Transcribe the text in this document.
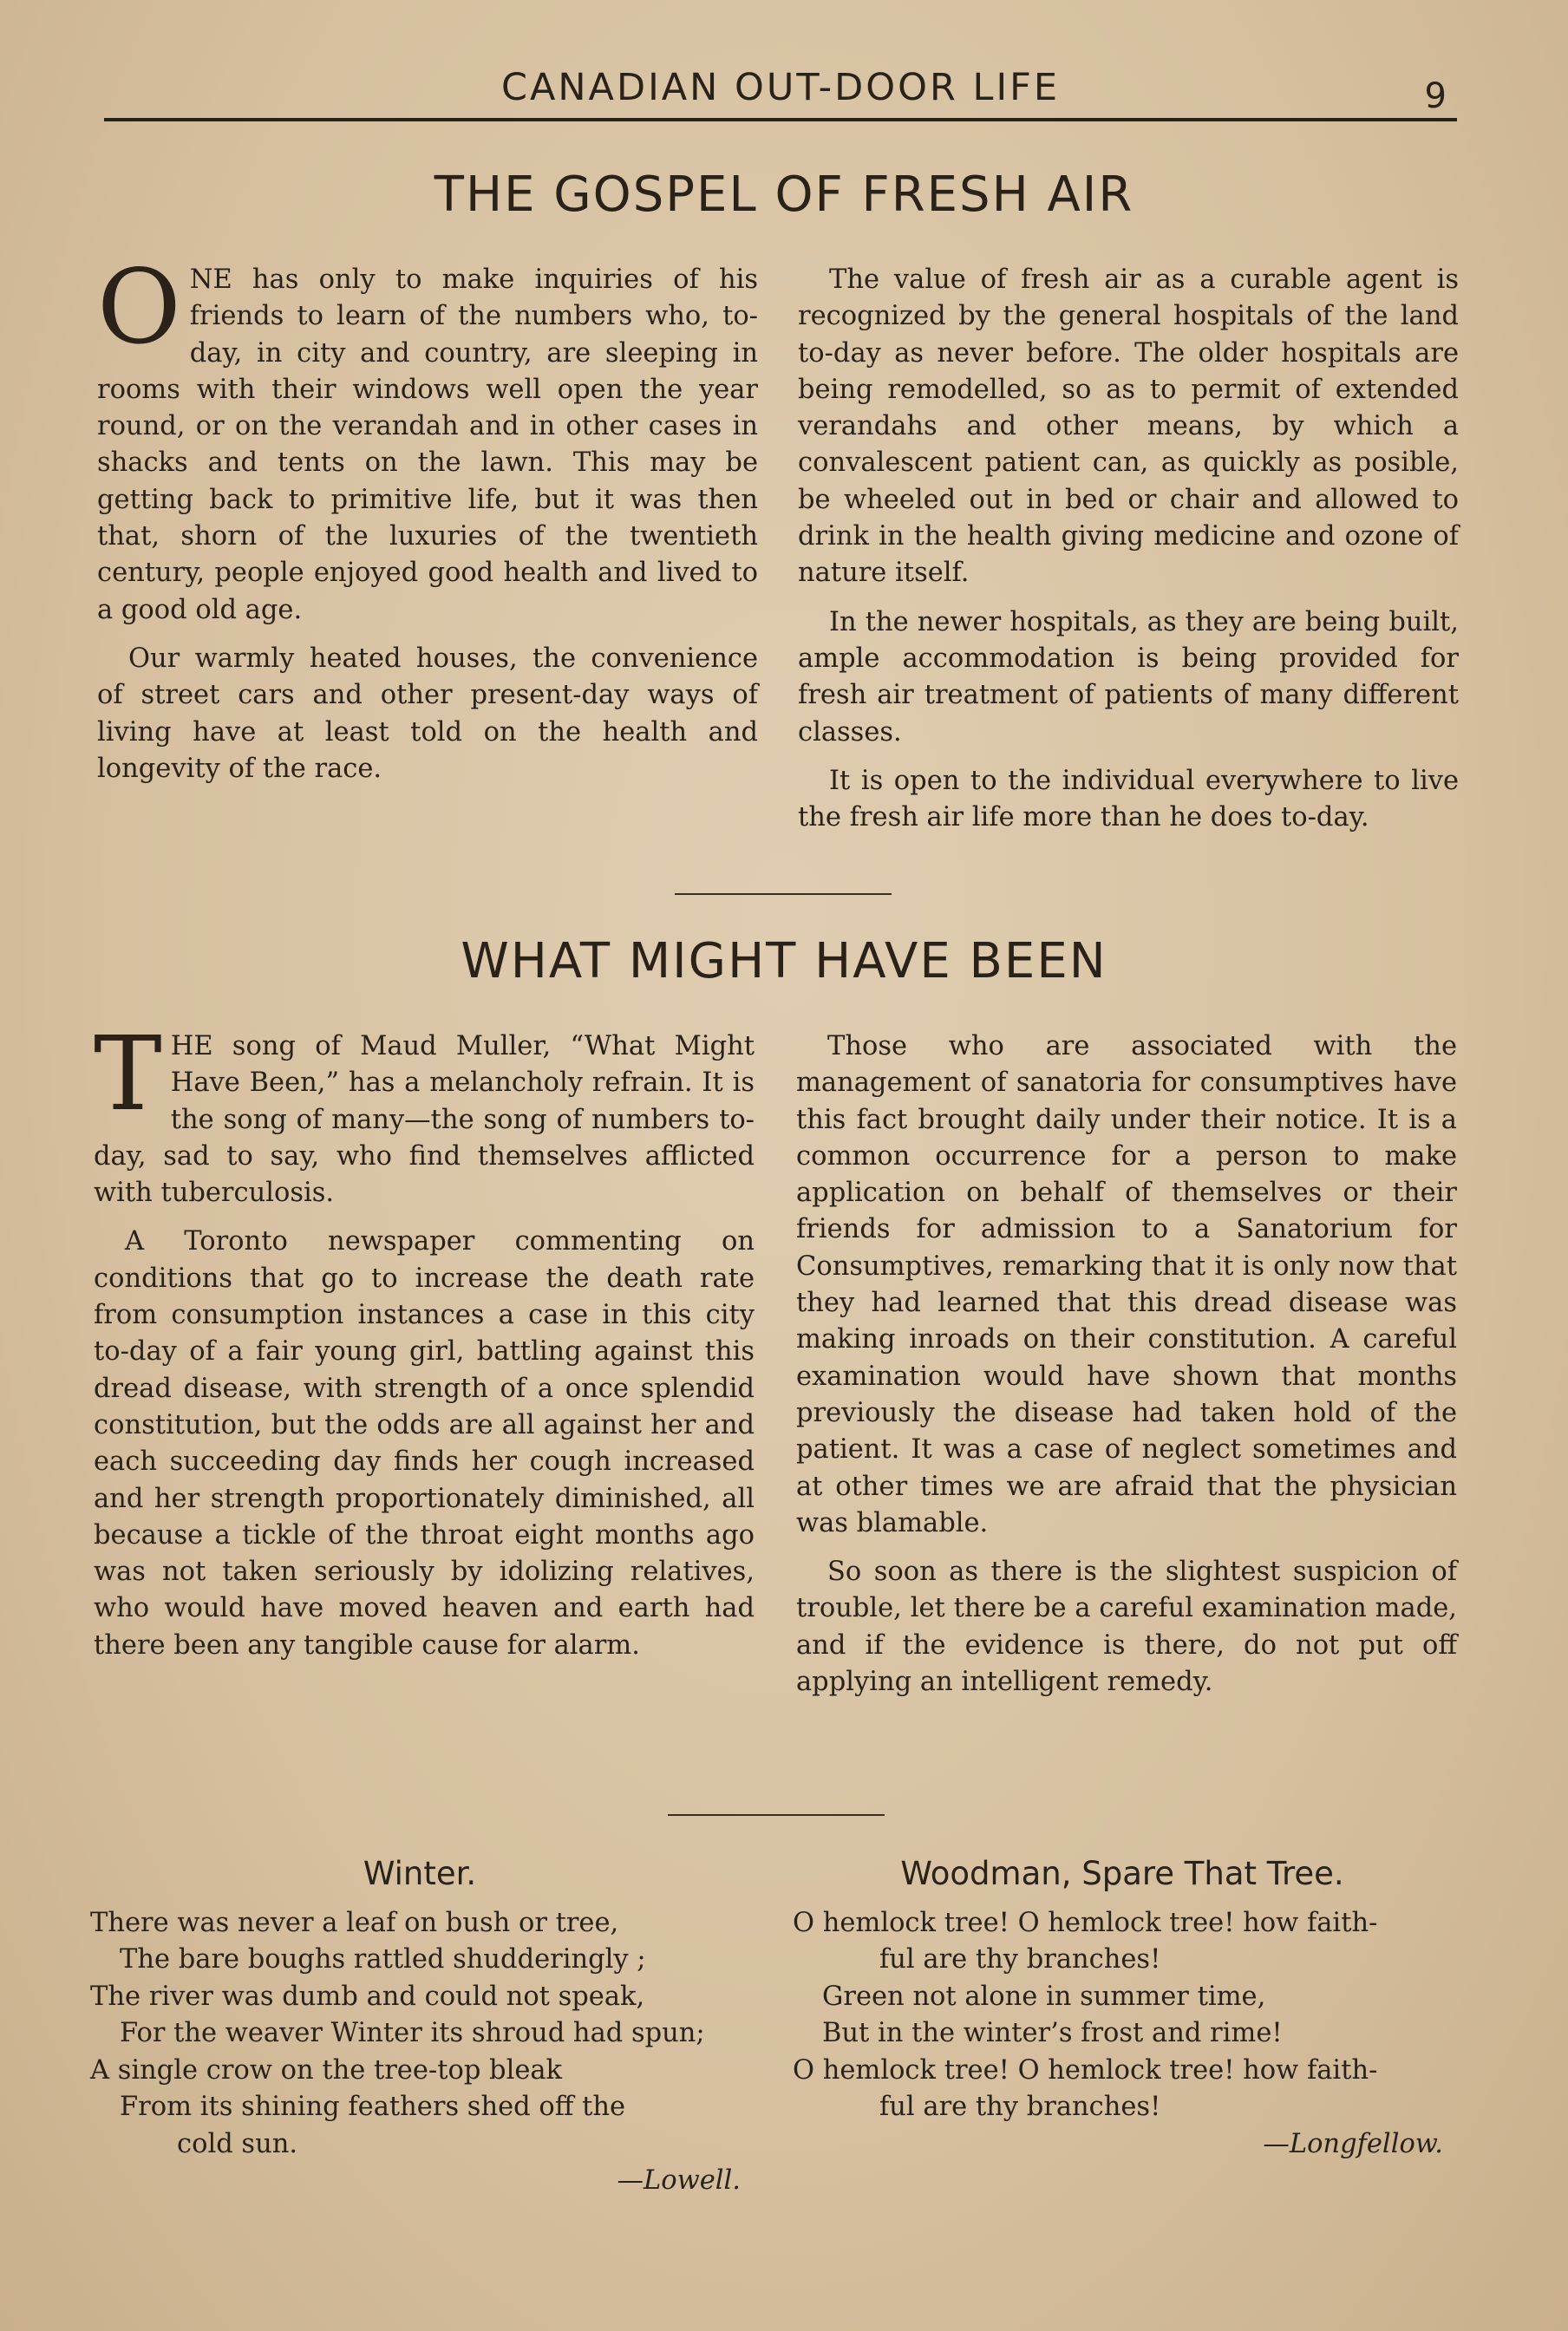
CANADIAN OUT-DOOR LIFE	9
THE GOSPEL OF FRESH AIR

ONE has only to make inquiries of his friends to learn of the numbers who, to-day, in city and country, are sleeping in rooms with their windows well open the year round, or on the verandah and in other cases in shacks and tents on the lawn. This may be getting back to primitive life, but it was then that, shorn of the luxuries of the twentieth century, people enjoyed good health and lived to a good old age.

Our warmly heated houses, the convenience of street cars and other present-day ways of living have at least told on the health and longevity of the race.

The value of fresh air as a curable agent is recognized by the general hospitals of the land to-day as never before. The older hospitals are being remodelled, so as to permit of extended verandahs and other means, by which a convalescent patient can, as quickly as posible, be wheeled out in bed or chair and allowed to drink in the health giving medicine and ozone of nature itself.

In the newer hospitals, as they are being built, ample accommodation is being provided for fresh air treatment of patients of many different classes.

It is open to the individual everywhere to live the fresh air life more than he does to-day.

WHAT MIGHT HAVE BEEN

THE song of Maud Muller, “What Might Have Been,” has a melancholy refrain. It is the song of many—the song of numbers to-day, sad to say, who find themselves afflicted with tuberculosis.

A Toronto newspaper commenting on conditions that go to increase the death rate from consumption instances a case in this city to-day of a fair young girl, battling against this dread disease, with strength of a once splendid constitution, but the odds are all against her and each succeeding day finds her cough increased and her strength proportionately diminished, all because a tickle of the throat eight months ago was not taken seriously by idolizing relatives, who would have moved heaven and earth had there been any tangible cause for alarm.

Those who are associated with the management of sanatoria for consumptives have this fact brought daily under their notice. It is a common occurrence for a person to make application on behalf of themselves or their friends for admission to a Sanatorium for Consumptives, remarking that it is only now that they had learned that this dread disease was making inroads on their constitution. A careful examination would have shown that months previously the disease had taken hold of the patient. It was a case of neglect sometimes and at other times we are afraid that the physician was blamable.

So soon as there is the slightest suspicion of trouble, let there be a careful examination made, and if the evidence is there, do not put off applying an intelligent remedy.

Winter.
There was never a leaf on bush or tree,
The bare boughs rattled shudderingly ;
The river was dumb and could not speak,
For the weaver Winter its shroud had spun;
A single crow on the tree-top bleak
From its shining feathers shed off the
cold sun.
—Lowell.
Woodman, Spare That Tree.
O hemlock tree! O hemlock tree! how faith-
ful are thy branches!
Green not alone in summer time,
But in the winter’s frost and rime!
O hemlock tree! O hemlock tree! how faith-
ful are thy branches!
—Longfellow.
